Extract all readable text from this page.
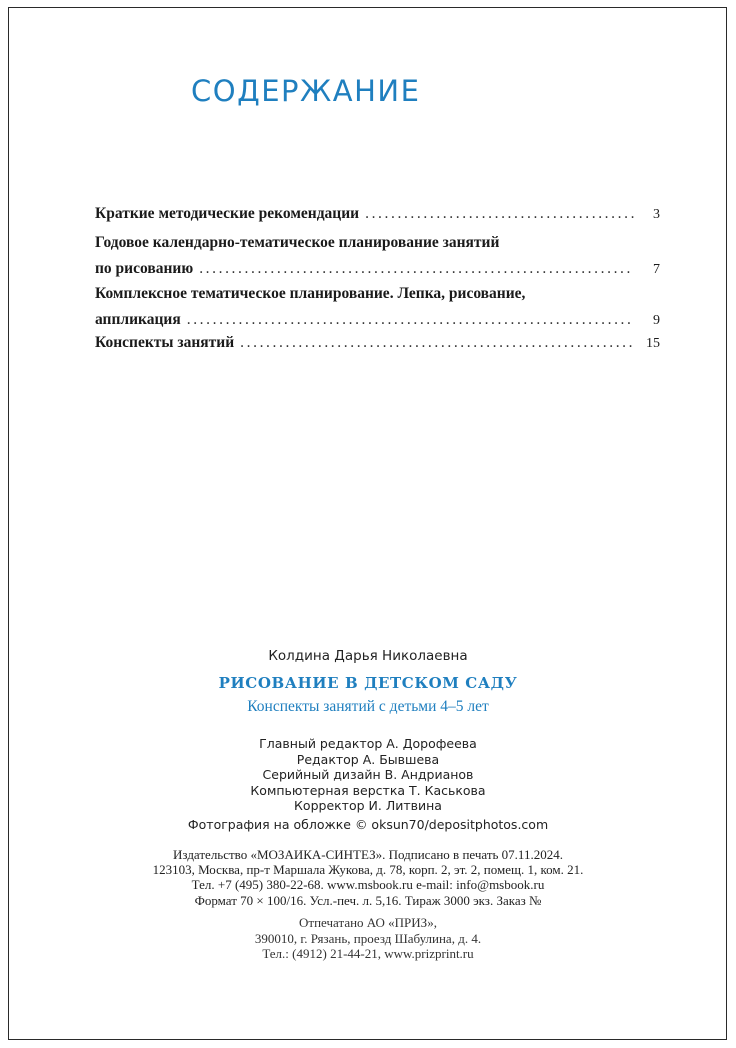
СОДЕРЖАНИЕ
Краткие методические рекомендации .....	3
Годовое календарно-тематическое планирование занятий
по рисованию .....	7
Комплексное тематическое планирование. Лепка, рисование,
аппликация .....	9
Конспекты занятий .....	15
Колдина Дарья Николаевна
РИСОВАНИЕ В ДЕТСКОМ САДУ
Конспекты занятий с детьми 4–5 лет
Главный редактор А. Дорофеева
Редактор А. Бывшева
Серийный дизайн В. Андрианов
Компьютерная верстка Т. Каськова
Корректор И. Литвина
Фотография на обложке © oksun70/depositphotos.com
Издательство «МОЗАИКА-СИНТЕЗ». Подписано в печать 07.11.2024.
123103, Москва, пр-т Маршала Жукова, д. 78, корп. 2, эт. 2, помещ. 1, ком. 21.
Тел. +7 (495) 380-22-68. www.msbook.ru e-mail: info@msbook.ru
Формат 70 × 100/16. Усл.-печ. л. 5,16. Тираж 3000 экз. Заказ №
Отпечатано АО «ПРИЗ»,
390010, г. Рязань, проезд Шабулина, д. 4.
Тел.: (4912) 21-44-21, www.prizprint.ru
